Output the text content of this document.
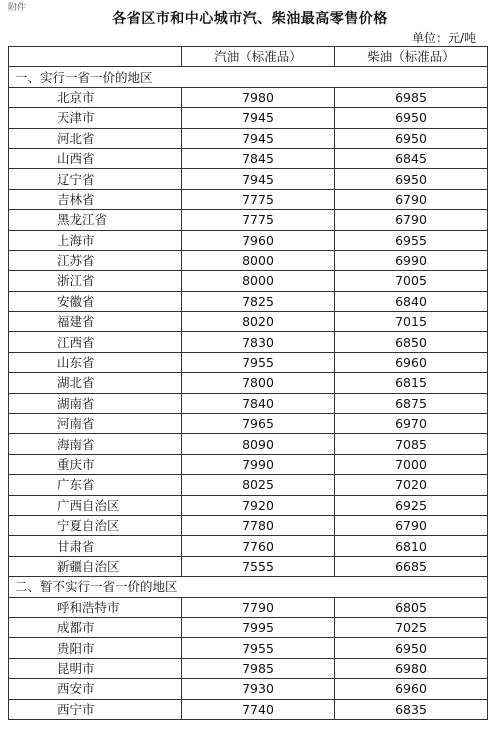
附件
各省区市和中心城市汽、柴油最高零售价格
单位：元/吨
	汽油（标准品）	柴油（标准品）
一、实行一省一价的地区		
北京市	7980	6985
天津市	7945	6950
河北省	7945	6950
山西省	7845	6845
辽宁省	7945	6950
吉林省	7775	6790
黑龙江省	7775	6790
上海市	7960	6955
江苏省	8000	6990
浙江省	8000	7005
安徽省	7825	6840
福建省	8020	7015
江西省	7830	6850
山东省	7955	6960
湖北省	7800	6815
湖南省	7840	6875
河南省	7965	6970
海南省	8090	7085
重庆市	7990	7000
广东省	8025	7020
广西自治区	7920	6925
宁夏自治区	7780	6790
甘肃省	7760	6810
新疆自治区	7555	6685
二、暂不实行一省一价的地区		
呼和浩特市	7790	6805
成都市	7995	7025
贵阳市	7955	6950
昆明市	7985	6980
西安市	7930	6960
西宁市	7740	6835
